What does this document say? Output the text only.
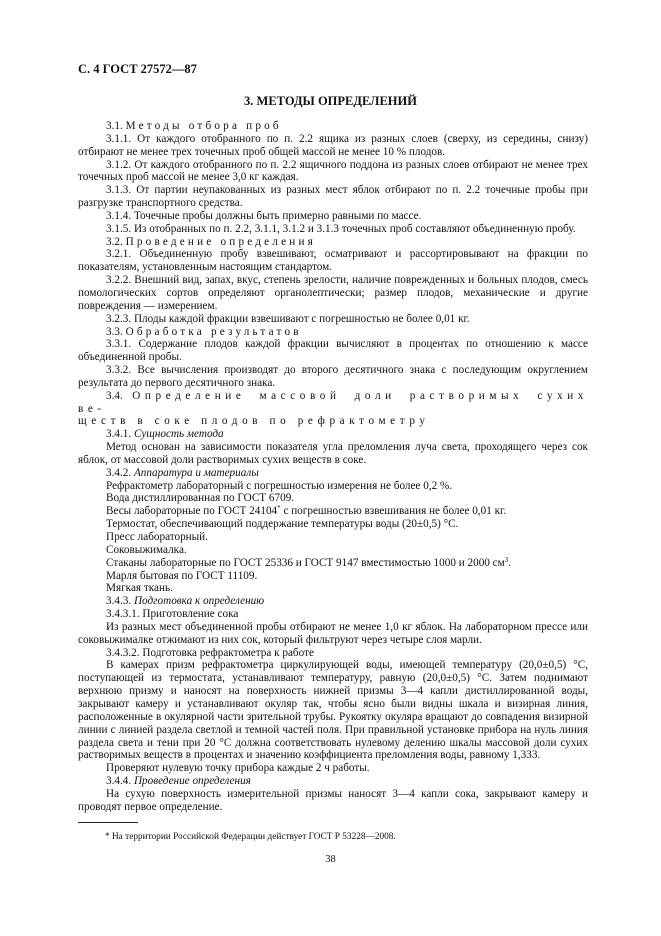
С. 4 ГОСТ 27572—87
3. МЕТОДЫ ОПРЕДЕЛЕНИЙ

3.1. Методы отбора проб

3.1.1. От каждого отобранного по п. 2.2 ящика из разных слоев (сверху, из середины, снизу) отбирают не менее трех точечных проб общей массой не менее 10 % плодов.

3.1.2. От каждого отобранного по п. 2.2 ящичного поддона из разных слоев отбирают не менее трех точечных проб массой не менее 3,0 кг каждая.

3.1.3. От партии неупакованных из разных мест яблок отбирают по п. 2.2 точечные пробы при разгрузке транспортного средства.

3.1.4. Точечные пробы должны быть примерно равными по массе.

3.1.5. Из отобранных по п. 2.2, 3.1.1, 3.1.2 и 3.1.3 точечных проб составляют объединенную пробу.

3.2. Проведение определения

3.2.1. Объединенную пробу взвешивают, осматривают и рассортировывают на фракции по показателям, установленным настоящим стандартом.

3.2.2. Внешний вид, запах, вкус, степень зрелости, наличие поврежденных и больных плодов, смесь помологических сортов определяют органолептически; размер плодов, механические и другие повреждения — измерением.

3.2.3. Плоды каждой фракции взвешивают с погрешностью не более 0,01 кг.

3.3. Обработка результатов

3.3.1. Содержание плодов каждой фракции вычисляют в процентах по отношению к массе объединенной пробы.

3.3.2. Все вычисления производят до второго десятичного знака с последующим округлением результата до первого десятичного знака.

3.4. Определение массовой доли растворимых сухих ве-

ществ в соке плодов по рефрактометру

3.4.1. Сущность метода

Метод основан на зависимости показателя угла преломления луча света, проходящего через сок яблок, от массовой доли растворимых сухих веществ в соке.

3.4.2. Аппаратура и материалы

Рефрактометр лабораторный с погрешностью измерения не более 0,2 %.

Вода дистиллированная по ГОСТ 6709.

Весы лабораторные по ГОСТ 24104* с погрешностью взвешивания не более 0,01 кг.

Термостат, обеспечивающий поддержание температуры воды (20±0,5) °С.

Пресс лабораторный.

Соковыжималка.

Стаканы лабораторные по ГОСТ 25336 и ГОСТ 9147 вместимостью 1000 и 2000 $см^3$.

Марля бытовая по ГОСТ 11109.

Мягкая ткань.

3.4.3. Подготовка к определению

3.4.3.1. Приготовление сока

Из разных мест объединенной пробы отбирают не менее 1,0 кг яблок. На лабораторном прессе или соковыжималке отжимают из них сок, который фильтруют через четыре слоя марли.

3.4.3.2. Подготовка рефрактометра к работе

В камерах призм рефрактометра циркулирующей воды, имеющей температуру (20,0±0,5) °С, поступающей из термостата, устанавливают температуру, равную (20,0±0,5) °С. Затем поднимают верхнюю призму и наносят на поверхность нижней призмы 3—4 капли дистиллированной воды, закрывают камеру и устанавливают окуляр так, чтобы ясно были видны шкала и визирная линия, расположенные в окулярной части зрительной трубы. Рукоятку окуляра вращают до совпадения визирной линии с линией раздела светлой и темной частей поля. При правильной установке прибора на нуль линия раздела света и тени при 20 °С должна соответствовать нулевому делению шкалы массовой доли сухих растворимых веществ в процентах и значению коэффициента преломления воды, равному 1,333.

Проверяют нулевую точку прибора каждые 2 ч работы.

3.4.4. Проведение определения

На сухую поверхность измерительной призмы наносят 3—4 капли сока, закрывают камеру и проводят первое определение.

* На территории Российской Федерации действует ГОСТ Р 53228—2008.
38
